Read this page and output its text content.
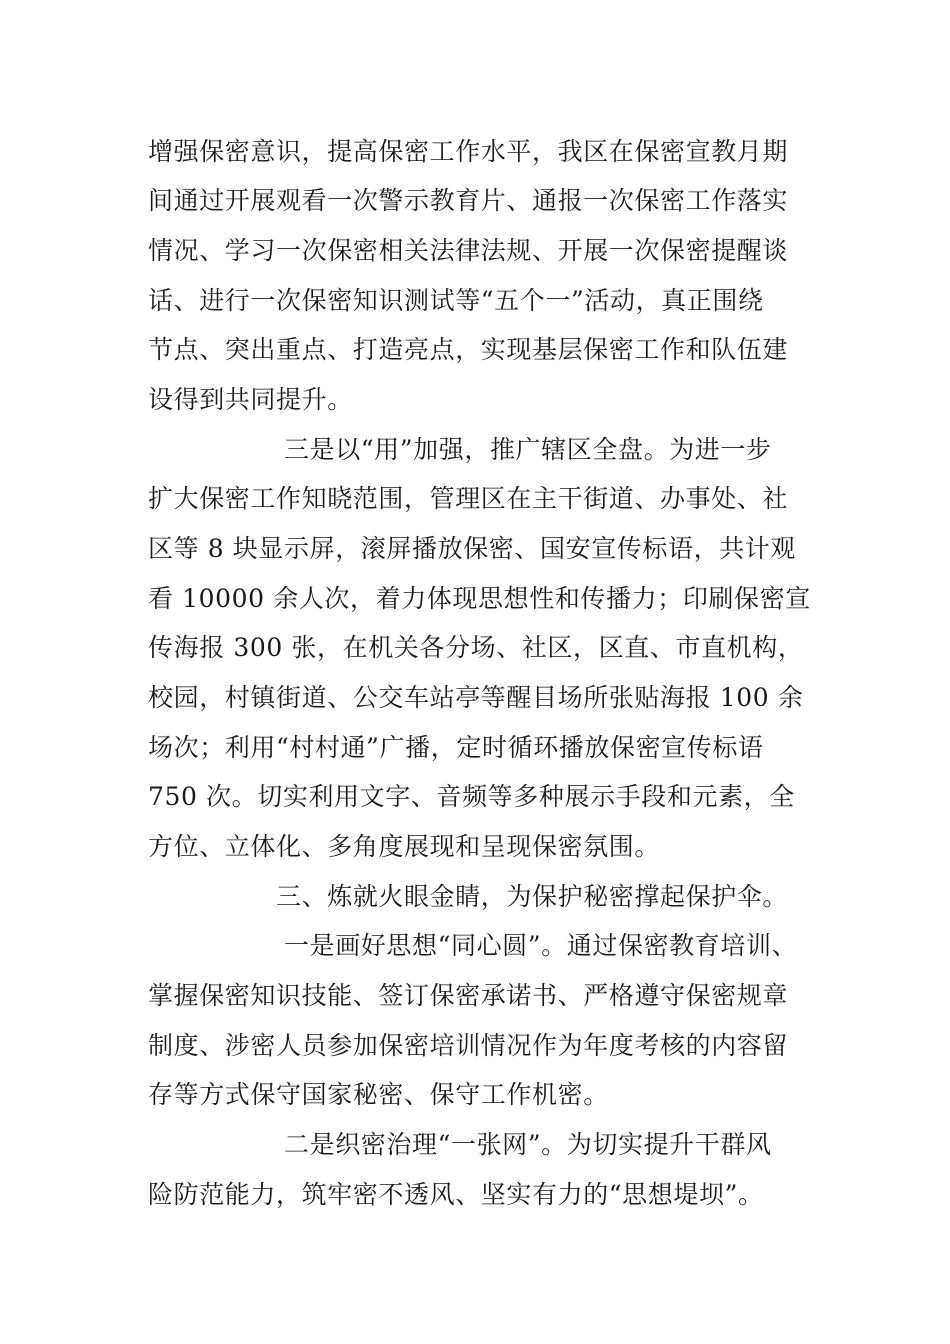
增强保密意识，提高保密工作水平，我区在保密宣教月期
间通过开展观看一次警示教育片、通报一次保密工作落实
情况、学习一次保密相关法律法规、开展一次保密提醒谈
话、进行一次保密知识测试等“五个一”活动，真正围绕
节点、突出重点、打造亮点，实现基层保密工作和队伍建
设得到共同提升。
三是以“用”加强，推广辖区全盘。为进一步
扩大保密工作知晓范围，管理区在主干街道、办事处、社
区等 8 块显示屏，滚屏播放保密、国安宣传标语，共计观
看 10000 余人次，着力体现思想性和传播力；印刷保密宣
传海报 300 张，在机关各分场、社区，区直、市直机构，
校园，村镇街道、公交车站亭等醒目场所张贴海报 100 余
场次；利用“村村通”广播，定时循环播放保密宣传标语
750 次。切实利用文字、音频等多种展示手段和元素，全
方位、立体化、多角度展现和呈现保密氛围。
三、炼就火眼金睛，为保护秘密撑起保护伞。
一是画好思想“同心圆”。通过保密教育培训、
掌握保密知识技能、签订保密承诺书、严格遵守保密规章
制度、涉密人员参加保密培训情况作为年度考核的内容留
存等方式保守国家秘密、保守工作机密。
二是织密治理“一张网”。为切实提升干群风
险防范能力，筑牢密不透风、坚实有力的“思想堤坝”。
